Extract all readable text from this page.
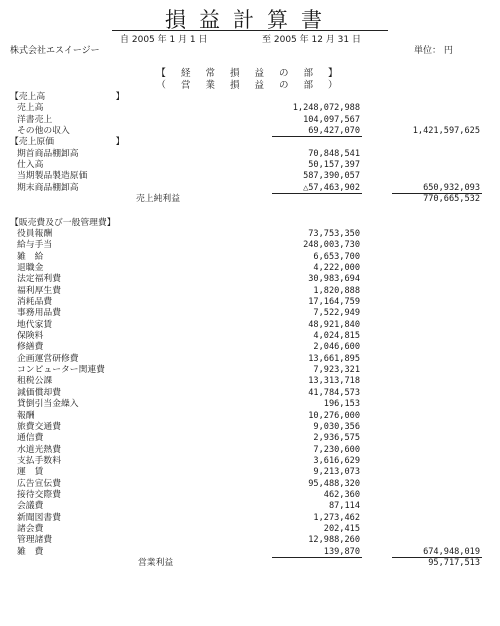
損益計算書
自 2005 年 1 月 1 日	至 2005 年 12 月 31 日
株式会社エスイージー	単位： 円
【 経 常 損 益 の 部 】
（ 営 業 損 益 の 部 ）
【売上高　　　　　　　　】
売上高	1,248,072,988
洋書売上	104,097,567
その他の収入	69,427,070	1,421,597,625
【売上原価　　　　　　　】
期首商品棚卸高	70,848,541
仕入高	50,157,397
当期製品製造原価	587,390,057
期末商品棚卸高	△57,463,902	650,932,093
売上純利益	770,665,532
【販売費及び一般管理費】
役員報酬	73,753,350
給与手当	248,003,730
雑　給	6,653,700
退職金	4,222,000
法定福利費	30,983,694
福利厚生費	1,820,888
消耗品費	17,164,759
事務用品費	7,522,949
地代家賃	48,921,840
保険料	4,024,815
修繕費	2,046,600
企画運営研修費	13,661,895
コンピューター関連費	7,923,321
租税公課	13,313,718
減価償却費	41,784,573
貸倒引当金繰入	196,153
報酬	10,276,000
旅費交通費	9,030,356
通信費	2,936,575
水道光熱費	7,230,600
支払手数料	3,616,629
運　賃	9,213,073
広告宣伝費	95,488,320
接待交際費	462,360
会議費	87,114
新聞図書費	1,273,462
諸会費	202,415
管理諸費	12,988,260
雑　費	139,870	674,948,019
営業利益	95,717,513
